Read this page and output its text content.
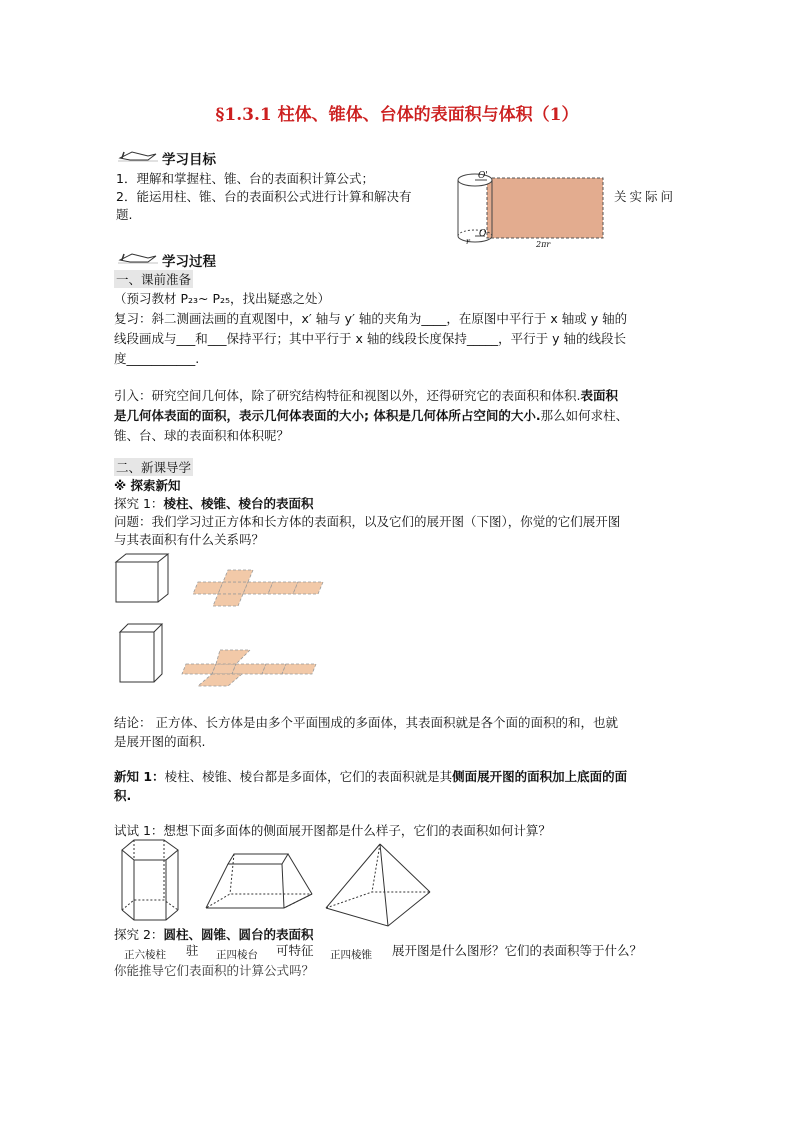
§1.3.1 柱体、锥体、台体的表面积与体积（1）
学习目标
1．理解和掌握柱、锥、台的表面积计算公式；
2．能运用柱、锥、台的表面积公式进行计算和解决有	关实际问
题.
O'
O
r	2πr
学习过程
一、课前准备
（预习教材 P₂₃~ P₂₅，找出疑惑之处）
复习：斜二测画法画的直观图中，x′ 轴与 y′ 轴的夹角为____，在原图中平行于 x 轴或 y 轴的
线段画成与___和___保持平行；其中平行于 x 轴的线段长度保持_____，平行于 y 轴的线段长
度___________.
引入：研究空间几何体，除了研究结构特征和视图以外，还得研究它的表面积和体积.表面积
是几何体表面的面积，表示几何体表面的大小; 体积是几何体所占空间的大小.那么如何求柱、
锥、台、球的表面积和体积呢？
二、新课导学
※ 探索新知
探究 1：棱柱、棱锥、棱台的表面积
问题：我们学习过正方体和长方体的表面积，以及它们的展开图（下图），你觉的它们展开图
与其表面积有什么关系吗？
结论： 正方体、长方体是由多个平面围成的多面体，其表面积就是各个面的面积的和，也就
是展开图的面积.
新知 1：棱柱、棱锥、棱台都是多面体，它们的表面积就是其侧面展开图的面积加上底面的面
积.
试试 1：想想下面多面体的侧面展开图都是什么样子，它们的表面积如何计算？
正六棱柱	正四棱台	正四棱锥
探究 2：圆柱、圆锥、圆台的表面积
驻	可特征	展开图是什么图形？它们的表面积等于什么？
你能推导它们表面积的计算公式吗？
